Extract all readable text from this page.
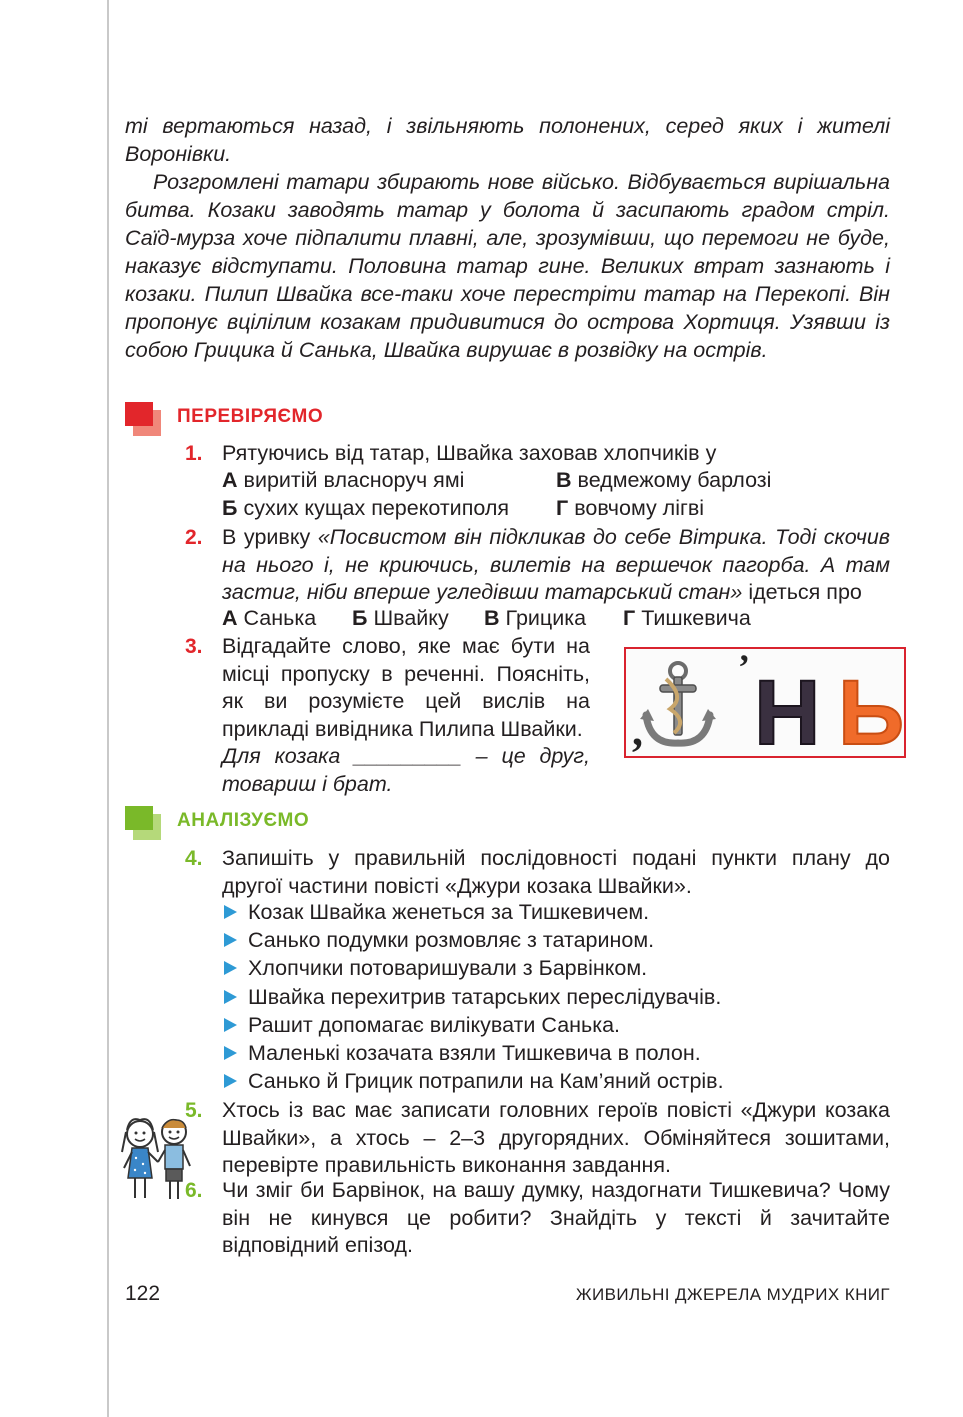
ті вертаються назад, і звільняють полонених, серед яких і жителі Воронівки.

Розгромлені татари збирають нове військо. Відбувається вирішальна битва. Козаки заводять татар у болота й засипають градом стріл. Саїд-мурза хоче підпалити плавні, але, зрозумівши, що перемоги не буде, наказує відступати. Половина татар гине. Великих втрат зазнають і козаки. Пилип Швайка все-таки хоче перестріти татар на Перекопі. Він пропонує вцілілим козакам придивитися до острова Хортиця. Узявши із собою Грицика й Санька, Швайка вирушає в розвідку на острів.

ПЕРЕВІРЯЄМО
1. Рятуючись від татар, Швайка заховав хлопчиків у
А виритій власноруч ямі	В ведмежому барлозі
Б сухих кущах перекотиполя Г вовчому лігві
2. В уривку «Посвистом він підкликав до себе Вітрика. Тоді скочив на нього і, не криючись, вилетів на вершечок пагорба. А там застиг, ніби вперше угледівши татарський стан» ідеться про
А Санька Б Швайку В Грицика Г Тишкевича
3. Відгадайте слово, яке має бути на місці пропуску в реченні. Поясніть, як ви розумієте цей вислів на прикладі вивідника Пилипа Швайки.
Для козака _________ – це друг, товариш і брат.
,
’ Н Ь
АНАЛІЗУЄМО
4. Запишіть у правильній послідовності подані пункти плану до другої частини повісті «Джури козака Швайки».
Козак Швайка женеться за Тишкевичем.
Санько подумки розмовляє з татарином.
Хлопчики потоваришували з Барвінком.
Швайка перехитрив татарських переслідувачів.
Рашит допомагає вилікувати Санька.
Маленькі козачата взяли Тишкевича в полон.
Санько й Грицик потрапили на Кам’яний острів.
5. Хтось із вас має записати головних героїв повісті «Джури козака Швайки», а хтось – 2–3 другорядних. Обміняйтеся зошитами, перевірте правильність виконання завдання.
6. Чи зміг би Барвінок, на вашу думку, наздогнати Тишкевича? Чому він не кинувся це робити? Знайдіть у тексті й зачитайте відповідний епізод.
122	ЖИВИЛЬНІ ДЖЕРЕЛА МУДРИХ КНИГ
